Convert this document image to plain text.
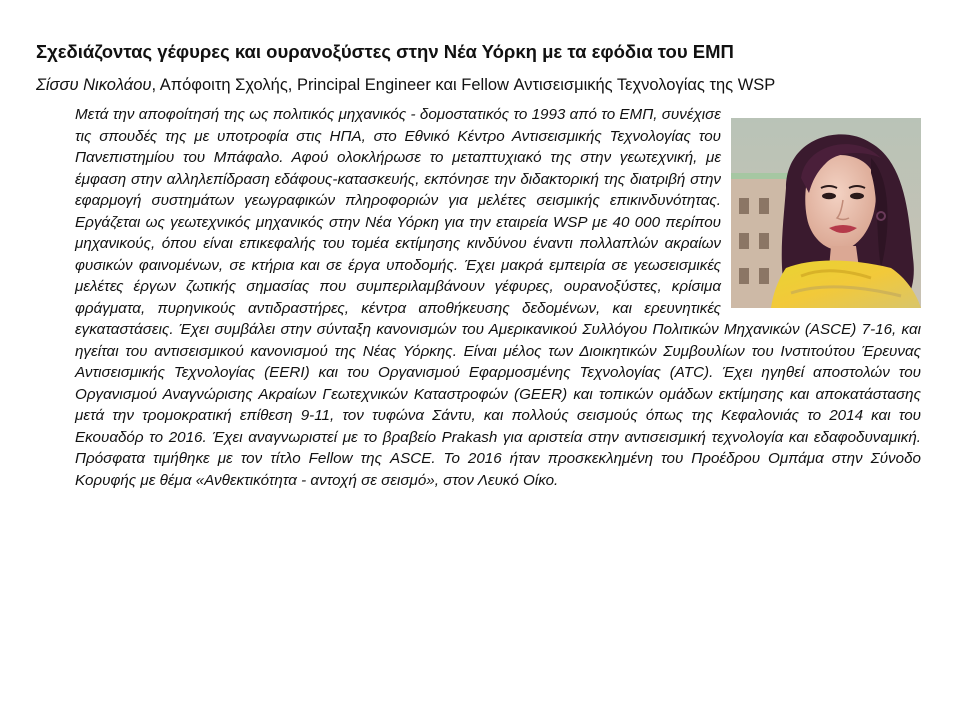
Σχεδιάζοντας γέφυρες και ουρανοξύστες στην Νέα Υόρκη με τα εφόδια του ΕΜΠ
Σίσσυ Νικολάου, Απόφοιτη Σχολής, Principal Engineer και Fellow Αντισεισμικής Τεχνολογίας της WSP
Μετά την αποφοίτησή της ως πολιτικός μηχανικός - δομοστατικός το 1993 από το ΕΜΠ, συνέχισε τις σπουδές της με υποτροφία στις ΗΠΑ, στο Εθνικό Κέντρο Αντισεισμικής Τεχνολογίας του Πανεπιστημίου του Μπάφαλο. Αφού ολοκλήρωσε το μεταπτυχιακό της στην γεωτεχνική, με έμφαση στην αλληλεπίδραση εδάφους-κατασκευής, εκπόνησε την διδακτορική της διατριβή στην εφαρμογή συστημάτων γεωγραφικών πληροφοριών για μελέτες σεισμικής επικινδυνότητας. Εργάζεται ως γεωτεχνικός μηχανικός στην Νέα Υόρκη για την εταιρεία WSP με 40 000 περίπου μηχανικούς, όπου είναι επικεφαλής του τομέα εκτίμησης κινδύνου έναντι πολλαπλών ακραίων φυσικών φαινομένων, σε κτήρια και σε έργα υποδομής. Έχει μακρά εμπειρία σε γεωσεισμικές μελέτες έργων ζωτικής σημασίας που συμπεριλαμβάνουν γέφυρες, ουρανοξύστες, κρίσιμα φράγματα, πυρηνικούς αντιδραστήρες, κέντρα αποθήκευσης δεδομένων, και ερευνητικές εγκαταστάσεις. Έχει συμβάλει στην σύνταξη κανονισμών του Αμερικανικού Συλλόγου Πολιτικών Μηχανικών (ASCE) 7-16, και ηγείται του αντισεισμικού κανονισμού της Νέας Υόρκης. Είναι μέλος των Διοικητικών Συμβουλίων του Ινστιτούτου Έρευνας Αντισεισμικής Τεχνολογίας (EERI) και του Οργανισμού Εφαρμοσμένης Τεχνολογίας (ATC). Έχει ηγηθεί αποστολών του Οργανισμού Αναγνώρισης Ακραίων Γεωτεχνικών Καταστροφών (GEER) και τοπικών ομάδων εκτίμησης και αποκατάστασης μετά την τρομοκρατική επίθεση 9-11, τον τυφώνα Σάντυ, και πολλούς σεισμούς όπως της Κεφαλονιάς το 2014 και του Εκουαδόρ το 2016. Έχει αναγνωριστεί με το βραβείο Prakash για αριστεία στην αντισεισμική τεχνολογία και εδαφοδυναμική. Πρόσφατα τιμήθηκε με τον τίτλο Fellow της ASCE. Το 2016 ήταν προσκεκλημένη του Προέδρου Ομπάμα στην Σύνοδο Κορυφής με θέμα «Ανθεκτικότητα - αντοχή σε σεισμό», στον Λευκό Οίκο.
